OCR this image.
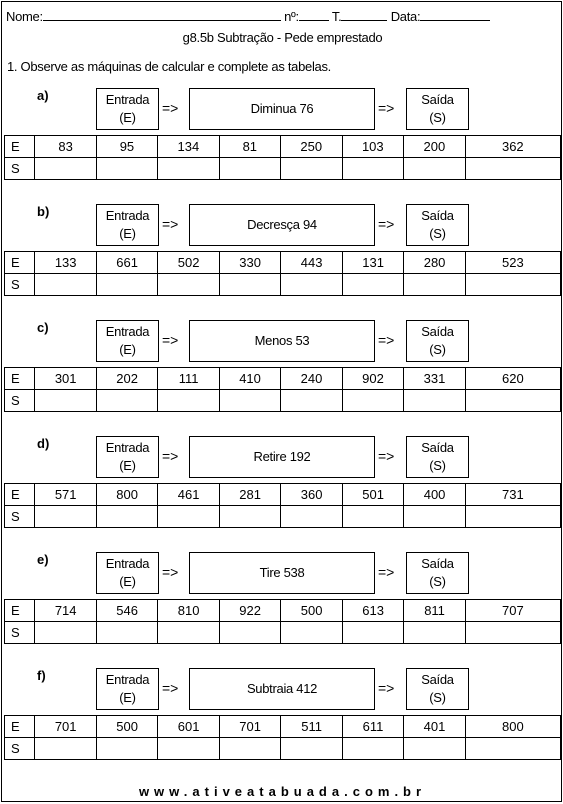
Nome:	nº:	T.	Data:
g8.5b Subtração - Pede emprestado
1. Observe as máquinas de calcular e complete as tabelas.
a)	Entrada
(E)
=>	Diminua 76	=>
Saída
(S)
E	83	95	134	81	250	103	200	362
S								
b)	Entrada
(E)
=>	Decresça 94	=>
Saída
(S)
E	133	661	502	330	443	131	280	523
S								
c)	Entrada
(E)
=>	Menos 53	=>
Saída
(S)
E	301	202	111	410	240	902	331	620
S								
d)	Entrada
(E)
=>	Retire 192	=>
Saída
(S)
E	571	800	461	281	360	501	400	731
S								
e)	Entrada
(E)
=>	Tire 538	=>
Saída
(S)
E	714	546	810	922	500	613	811	707
S								
f)	Entrada
(E)
=>	Subtraia 412	=>
Saída
(S)
E	701	500	601	701	511	611	401	800
S								
www.ativeatabuada.com.br
